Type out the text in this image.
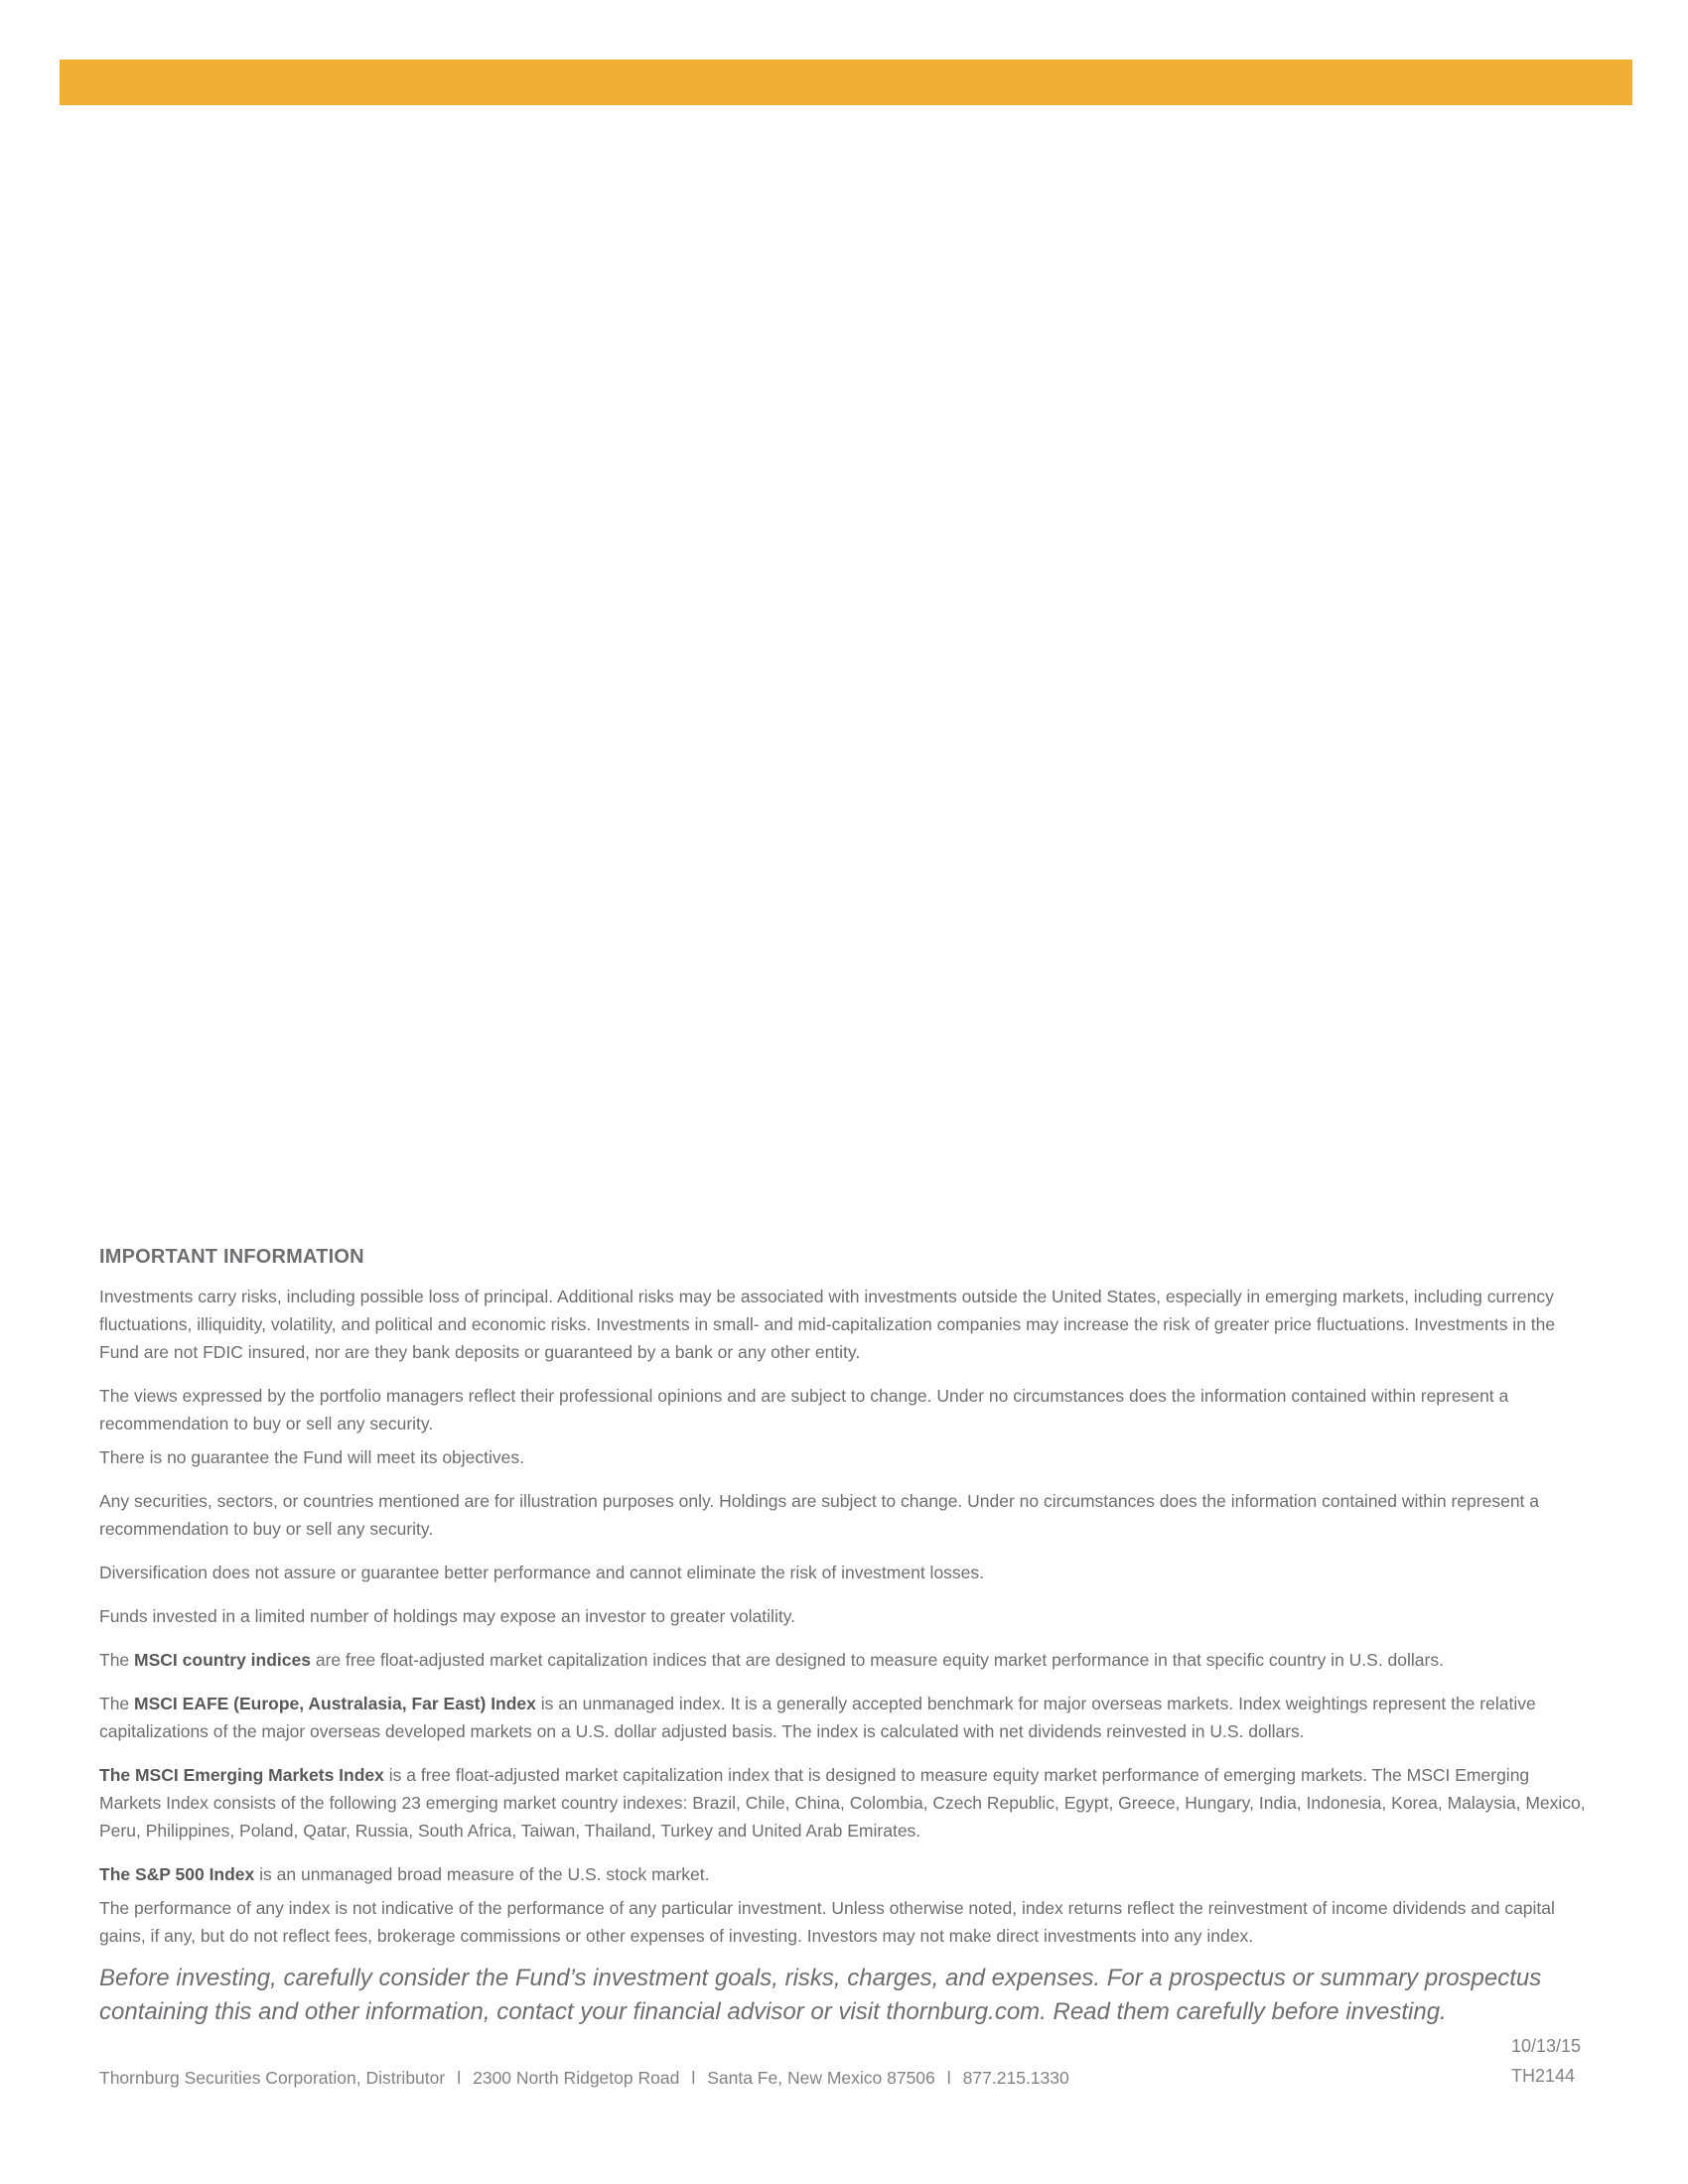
IMPORTANT INFORMATION

Investments carry risks, including possible loss of principal. Additional risks may be associated with investments outside the United States, especially in emerging markets, including currency fluctuations, illiquidity, volatility, and political and economic risks. Investments in small- and mid-capitalization companies may increase the risk of greater price fluctuations. Investments in the Fund are not FDIC insured, nor are they bank deposits or guaranteed by a bank or any other entity.

The views expressed by the portfolio managers reflect their professional opinions and are subject to change. Under no circumstances does the information contained within represent a recommendation to buy or sell any security.

There is no guarantee the Fund will meet its objectives.

Any securities, sectors, or countries mentioned are for illustration purposes only. Holdings are subject to change. Under no circumstances does the information contained within represent a recommendation to buy or sell any security.

Diversification does not assure or guarantee better performance and cannot eliminate the risk of investment losses.

Funds invested in a limited number of holdings may expose an investor to greater volatility.

The MSCI country indices are free float-adjusted market capitalization indices that are designed to measure equity market performance in that specific country in U.S. dollars.

The MSCI EAFE (Europe, Australasia, Far East) Index is an unmanaged index. It is a generally accepted benchmark for major overseas markets. Index weightings represent the relative capitalizations of the major overseas developed markets on a U.S. dollar adjusted basis. The index is calculated with net dividends reinvested in U.S. dollars.

The MSCI Emerging Markets Index is a free float-adjusted market capitalization index that is designed to measure equity market performance of emerging markets. The MSCI Emerging Markets Index consists of the following 23 emerging market country indexes: Brazil, Chile, China, Colombia, Czech Republic, Egypt, Greece, Hungary, India, Indonesia, Korea, Malaysia, Mexico, Peru, Philippines, Poland, Qatar, Russia, South Africa, Taiwan, Thailand, Turkey and United Arab Emirates.

The S&P 500 Index is an unmanaged broad measure of the U.S. stock market.

The performance of any index is not indicative of the performance of any particular investment. Unless otherwise noted, index returns reflect the reinvestment of income dividends and capital gains, if any, but do not reflect fees, brokerage commissions or other expenses of investing. Investors may not make direct investments into any index.

Before investing, carefully consider the Fund’s investment goals, risks, charges, and expenses. For a prospectus or summary prospectus containing this and other information, contact your financial advisor or visit thornburg.com. Read them carefully before investing.

10/13/15
TH2144
Thornburg Securities Corporation, Distributor l 2300 North Ridgetop Road l Santa Fe, New Mexico 87506 l 877.215.1330
